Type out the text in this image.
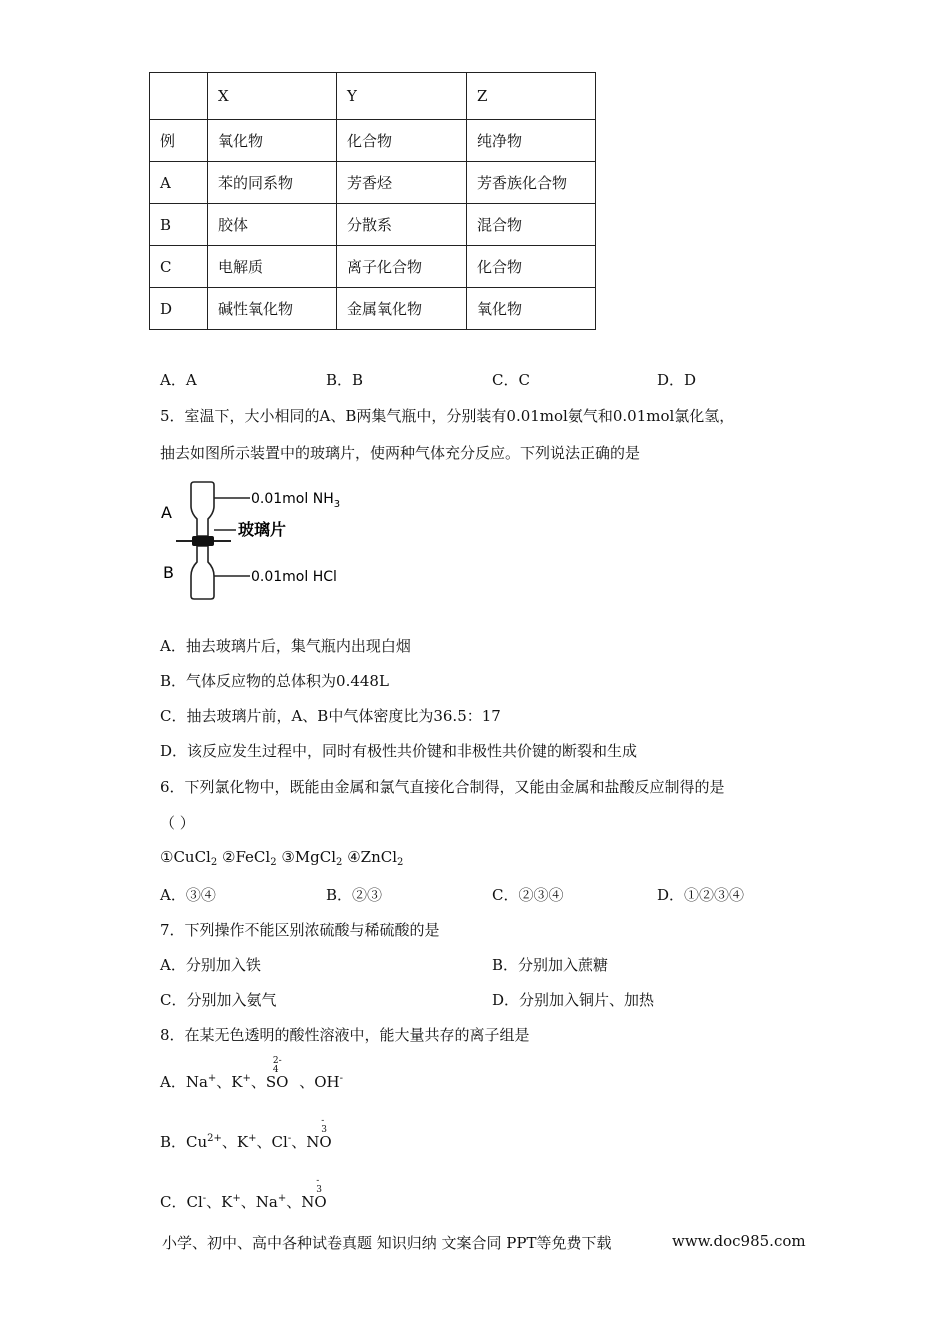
	X	Y	Z
例	氧化物	化合物	纯净物
A	苯的同系物	芳香烃	芳香族化合物
B	胶体	分散系	混合物
C	电解质	离子化合物	化合物
D	碱性氧化物	金属氧化物	氧化物
A．A	B．B	C．C	D．D
5．室温下，大小相同的A、B两集气瓶中，分别装有0.01mol氨气和0.01mol氯化氢，
抽去如图所示装置中的玻璃片，使两种气体充分反应。下列说法正确的是
A
B
0.01mol $NH_3$
玻璃片
0.01mol HCl
A．抽去玻璃片后，集气瓶内出现白烟
B．气体反应物的总体积为0.448L
C．抽去玻璃片前，A、B中气体密度比为36.5：17
D．该反应发生过程中，同时有极性共价键和非极性共价键的断裂和生成
6．下列氯化物中，既能由金属和氯气直接化合制得，又能由金属和盐酸反应制得的是
（ ）
①CuCl$_2$ ②FeCl$_2$ ③MgCl$_2$ ④ZnCl$_2$
A．③④	B．②③	C．②③④	D．①②③④
7．下列操作不能区别浓硫酸与稀硫酸的是
A．分别加入铁	B．分别加入蔗糖
C．分别加入氨气	D．分别加入铜片、加热
8．在某无色透明的酸性溶液中，能大量共存的离子组是
A．Na+、K+、SO
2-
4
、OH-
B．$Cu^{2+}$、K+、Cl-、NO
-
3
C．Cl-、K+、Na+、NO
-
3
小学、初中、高中各种试卷真题 知识归纳 文案合同 PPT等免费下载	www.doc985.com
